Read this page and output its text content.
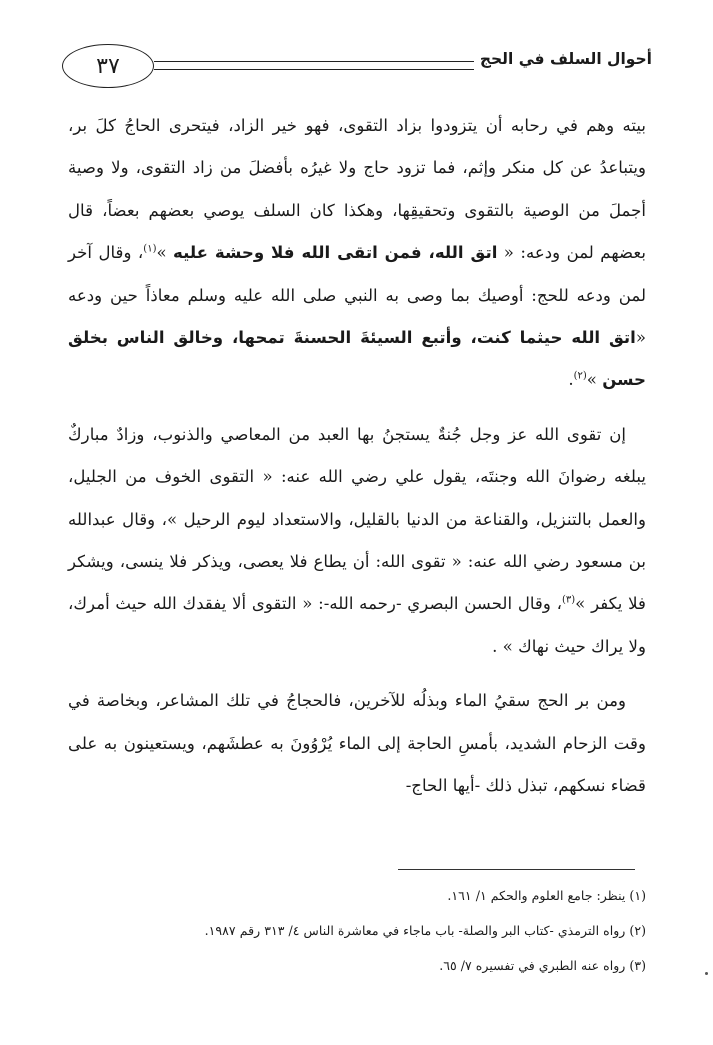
٣٧	أحوال السلف في الحج

بيته وهم في رحابه أن يتزودوا بزاد التقوى، فهو خير الزاد، فيتحرى الحاجُ كلَ بر، ويتباعدُ عن كل منكر وإثم، فما تزود حاج ولا غيرُه بأفضلَ من زاد التقوى، ولا وصية أجملَ من الوصية بالتقوى وتحقيقِها، وهكذا كان السلف يوصي بعضهم بعضاً، قال بعضهم لمن ودعه: « اتق الله، فمن اتقى الله فلا وحشة عليه »$^{(١)}$، وقال آخر لمن ودعه للحج: أوصيك بما وصى به النبي صلى الله عليه وسلم معاذاً حين ودعه «اتق الله حيثما كنت، وأتبع السيئةَ الحسنةَ تمحها، وخالق الناس بخلق حسن »$^{(٢)}$.

إن تقوى الله عز وجل جُنةٌ يستجنُ بها العبد من المعاصي والذنوب، وزادٌ مباركٌ يبلغه رضوانَ الله وجنتَه، يقول علي رضي الله عنه: « التقوى الخوف من الجليل، والعمل بالتنزيل، والقناعة من الدنيا بالقليل، والاستعداد ليوم الرحيل »، وقال عبدالله بن مسعود رضي الله عنه: « تقوى الله: أن يطاع فلا يعصى، ويذكر فلا ينسى، ويشكر فلا يكفر »$^{(٣)}$، وقال الحسن البصري -رحمه الله-: « التقوى ألا يفقدك الله حيث أمرك، ولا يراك حيث نهاك » .

ومن بر الحج سقيُ الماء وبذلُه للآخرين، فالحجاجُ في تلك المشاعر، وبخاصة في وقت الزحام الشديد، بأمسِ الحاجة إلى الماء يُرْوُونَ به عطشَهم، ويستعينون به على قضاء نسكهم، تبذل ذلك -أيها الحاج-

(١) ينظر: جامع العلوم والحكم ١/ ١٦١.

(٢) رواه الترمذي -كتاب البر والصلة- باب ماجاء في معاشرة الناس ٤/ ٣١٣ رقم ١٩٨٧.

(٣) رواه عنه الطبري في تفسيره ٧/ ٦٥.
